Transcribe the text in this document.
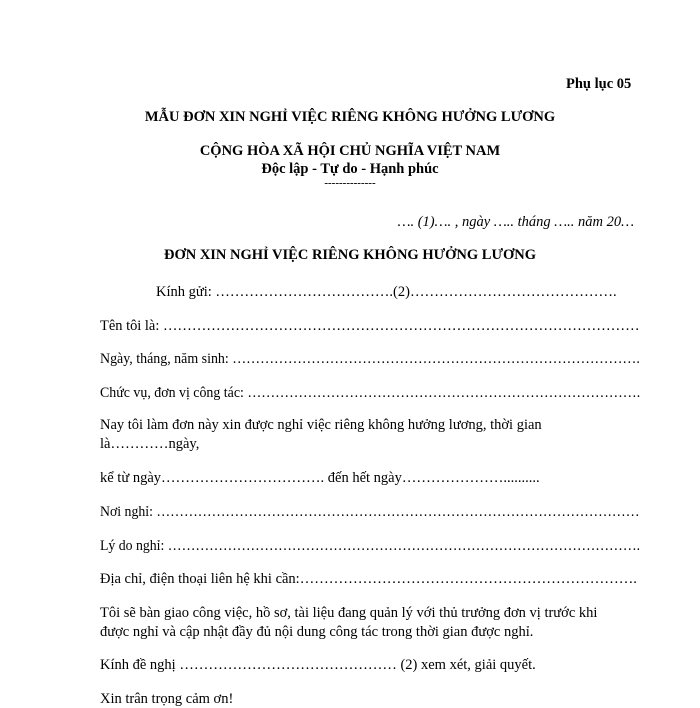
Phụ lục 05
MẪU ĐƠN XIN NGHỈ VIỆC RIÊNG KHÔNG HƯỞNG LƯƠNG
CỘNG HÒA XÃ HỘI CHỦ NGHĨA VIỆT NAM
Độc lập - Tự do - Hạnh phúc
--------------
…. (1)…. , ngày ….. tháng ….. năm 20…
ĐƠN XIN NGHỈ VIỆC RIÊNG KHÔNG HƯỞNG LƯƠNG
Kính gửi: ……………………………….(2)…………………………………….
Tên tôi là: ………………………………………………………………………………………
Ngày, tháng, năm sinh: …………………………………………………………………………….
Chức vụ, đơn vị công tác: ………………………………………………………………………….
Nay tôi làm đơn này xin được nghỉ việc riêng không hưởng lương, thời gian
là…………ngày,
kể từ ngày……………………………. đến hết ngày…………………..........
Nơi nghỉ: ……………………………………………………………………………………………
Lý do nghỉ: ………………………………………………………………………………………….
Địa chỉ, điện thoại liên hệ khi cần:…………………………………………………………….
Tôi sẽ bàn giao công việc, hồ sơ, tài liệu đang quản lý với thủ trưởng đơn vị trước khi
được nghỉ và cập nhật đầy đủ nội dung công tác trong thời gian được nghỉ.
Kính đề nghị ……………………………………… (2) xem xét, giải quyết.
Xin trân trọng cảm ơn!
